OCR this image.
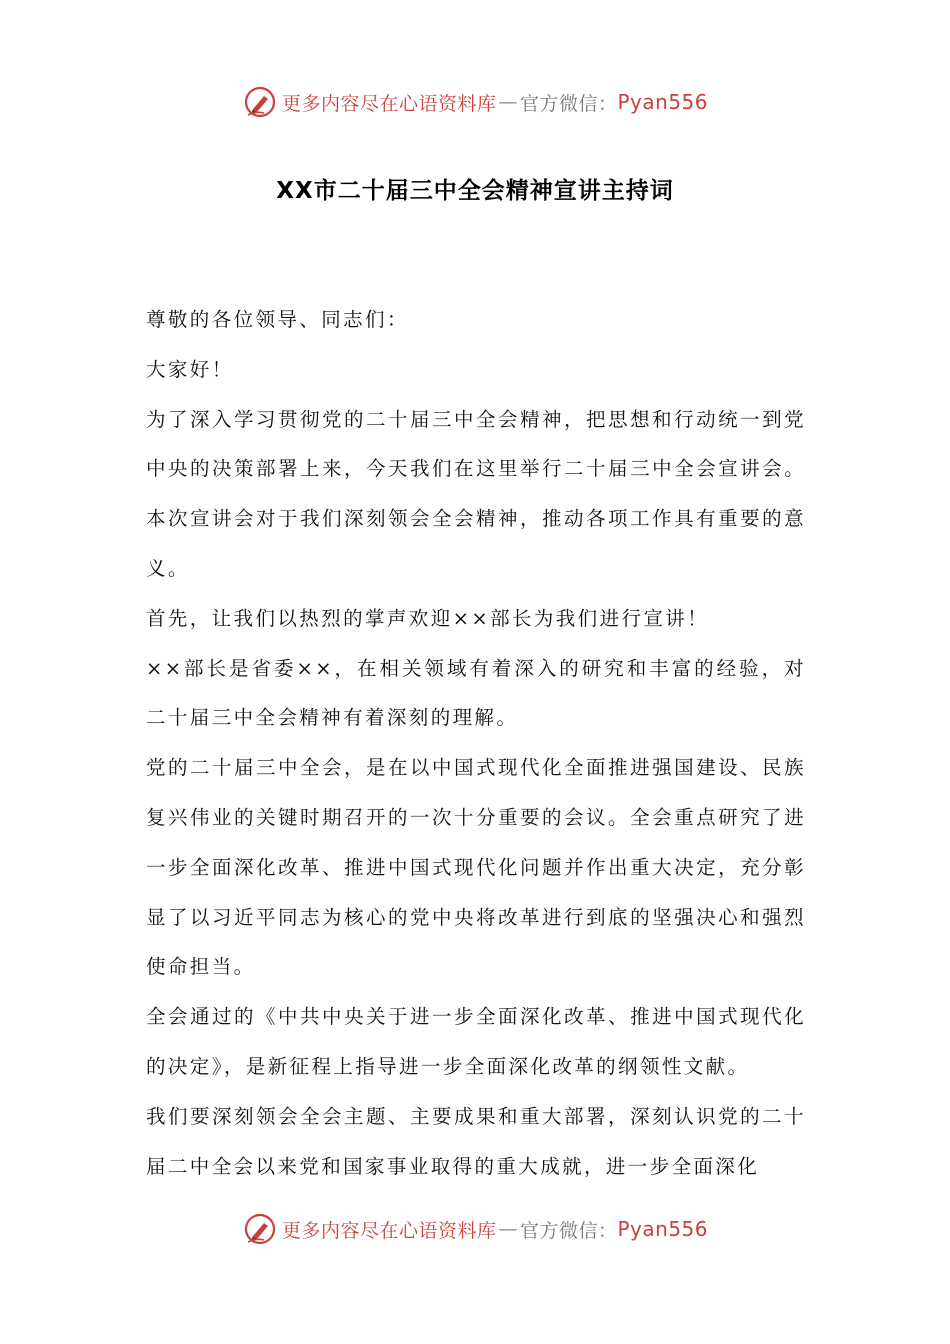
更多内容尽在心语资料库 — 官方微信： Pyan556
XX市二十届三中全会精神宣讲主持词

尊敬的各位领导、同志们：

大家好！

为了深入学习贯彻党的二十届三中全会精神，把思想和行动统一到党中央的决策部署上来，今天我们在这里举行二十届三中全会宣讲会。本次宣讲会对于我们深刻领会全会精神，推动各项工作具有重要的意义。

首先，让我们以热烈的掌声欢迎××部长为我们进行宣讲！

××部长是省委××，在相关领域有着深入的研究和丰富的经验，对二十届三中全会精神有着深刻的理解。

党的二十届三中全会，是在以中国式现代化全面推进强国建设、民族复兴伟业的关键时期召开的一次十分重要的会议。全会重点研究了进一步全面深化改革、推进中国式现代化问题并作出重大决定，充分彰显了以习近平同志为核心的党中央将改革进行到底的坚强决心和强烈使命担当。

全会通过的《中共中央关于进一步全面深化改革、推进中国式现代化的决定》，是新征程上指导进一步全面深化改革的纲领性文献。

我们要深刻领会全会主题、主要成果和重大部署，深刻认识党的二十届二中全会以来党和国家事业取得的重大成就，进一步全面深化

更多内容尽在心语资料库 — 官方微信： Pyan556
